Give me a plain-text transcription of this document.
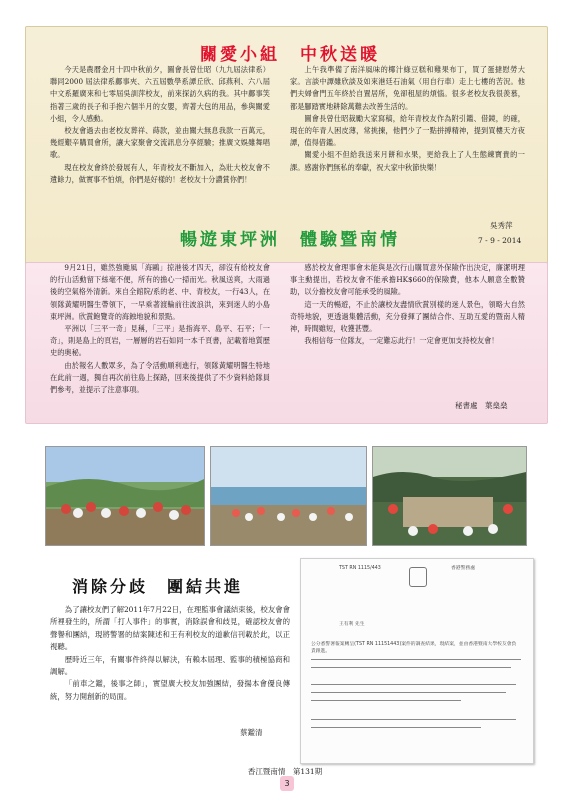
關愛小組　中秋送暖

今天是農曆金月十四中秋前夕，圖會長曾仕昭（九九屆法律系）聯同2000 屆法律系鄺事夾、六五屆數學系譚丘欣、邱燕利、六八屆中文系羅廣來和七零屆吳訓萍校友，前來探訪久病的我。其中鄺事笑指著三歲的長子和手抱六個半月的女嬰，齊著大包的用品，參與關愛小組，令人感動。

校友會過去由老校友葬祥、蒔款，並由關大無息我款一百萬元，幾經艱辛購買會所，讓大家聚會交流訊息分享經驗；推廣文娛雖舞唱歌。

現在校友會終於發展有人，年青校友不斷加入，為壯大校友會不遺餘力，做實事不怕煩，你們是好樣的！老校友十分讚賞你們！

上午我準備了南洋風味的椰汁綠豆糕和雞果布丁，買了蛋撻慰勞大家。言談中譚雖欣談及如來港廷石油氣（用自行車）走上七樓的苦況。他們夫婦會門五年終於自置居所，免卻租屋的煩惱。很多老校友我很羨慕，都是腳踏實地耕除萬難去改善生活的。

圖會長曾仕昭裁勵大家寫稿，給年青校友作為附引鑑、借鏡，的確，現在的年青人困皮薄，常挑揀，他們少了一點拼搏精神，提到買樓天方夜譚，值得借鑑。

關愛小組不但給我送來月餅和水果，更給我上了人生態練寶貴的一課。感謝你們無私的奉獻，祝大家中秋節快樂！

吳秀萍
7 - 9 - 2014
暢遊東坪洲　體驗暨南情

9月21日，雖然強颱風「海鷗」掠港後才四天，卻沒有給校友會的行山活動留下絲毫不便，所有的擔心一掃而光。秋風送爽，大雨過後的空氣格外清新。來自全館院/系的老、中、青校友，一行43人，在領隊黃耀明醫生帶領下，一早乘著渡輪前往波浪洪，來到迷人的小島東坪洲。欣賞飽覽奇的海蝕地貌和景點。

平洲以「三平一奇」見稱，「三平」是指海平、島平、石平；「一奇」，則是島上的頁岩，一層層的岩石如同一本千頁書，記載着地質歷史的奧秘。

由於報名人數眾多，為了令活動順利進行，領隊黃耀明醫生特地在此前一週，獨自再次前往島上探路，回來後提供了不少資料給隊員們參考，並提示了注意事項。

感於校友會理事會未能與是次行山購買意外保險作出決定，廉潔明理事主動提出，若校友會不能承擔HK$660的保險費，他本人願意全數贊助，以分擔校友會可能承受的風險。

這一天的暢遊，不止於讓校友盡情欣賞別樣的迷人景色，領略大自然奇特地貌，更透過集體活動，充分發揮了團結合作、互助互愛的暨南人精神，時間雖短，收獲甚豐。

我相信每一位隊友，一定難忘此行！一定會更加支持校友會！

秘書處　葉燊燊
消除分歧　團結共進

為了讓校友們了解2011年7月22日，在理監事會議結束後，校友會會所裡發生的，所謂「打人事件」的事實，消除誤會和歧見，確認校友會的聲譽和團結，現將警署的結案陳述和王有利校友的道歉信刊載於此，以正視聽。

歷時近三年，有關事件終得以解決，有賴本屆理、監事的積極協商和調解。

「前車之鑑，後事之師」，實望廣大校友加強團結，發揚本會優良傳統，努力開創新的局面。

蔡鑑清
TST RN 1115/443	香港警務處
王有利 先生
公分悉警署報案轉呈(TST RN 11151443)案件的調查結果，現結案，並由香港暨南大學校友會負責跟進。
香江暨南情　第131期
3
